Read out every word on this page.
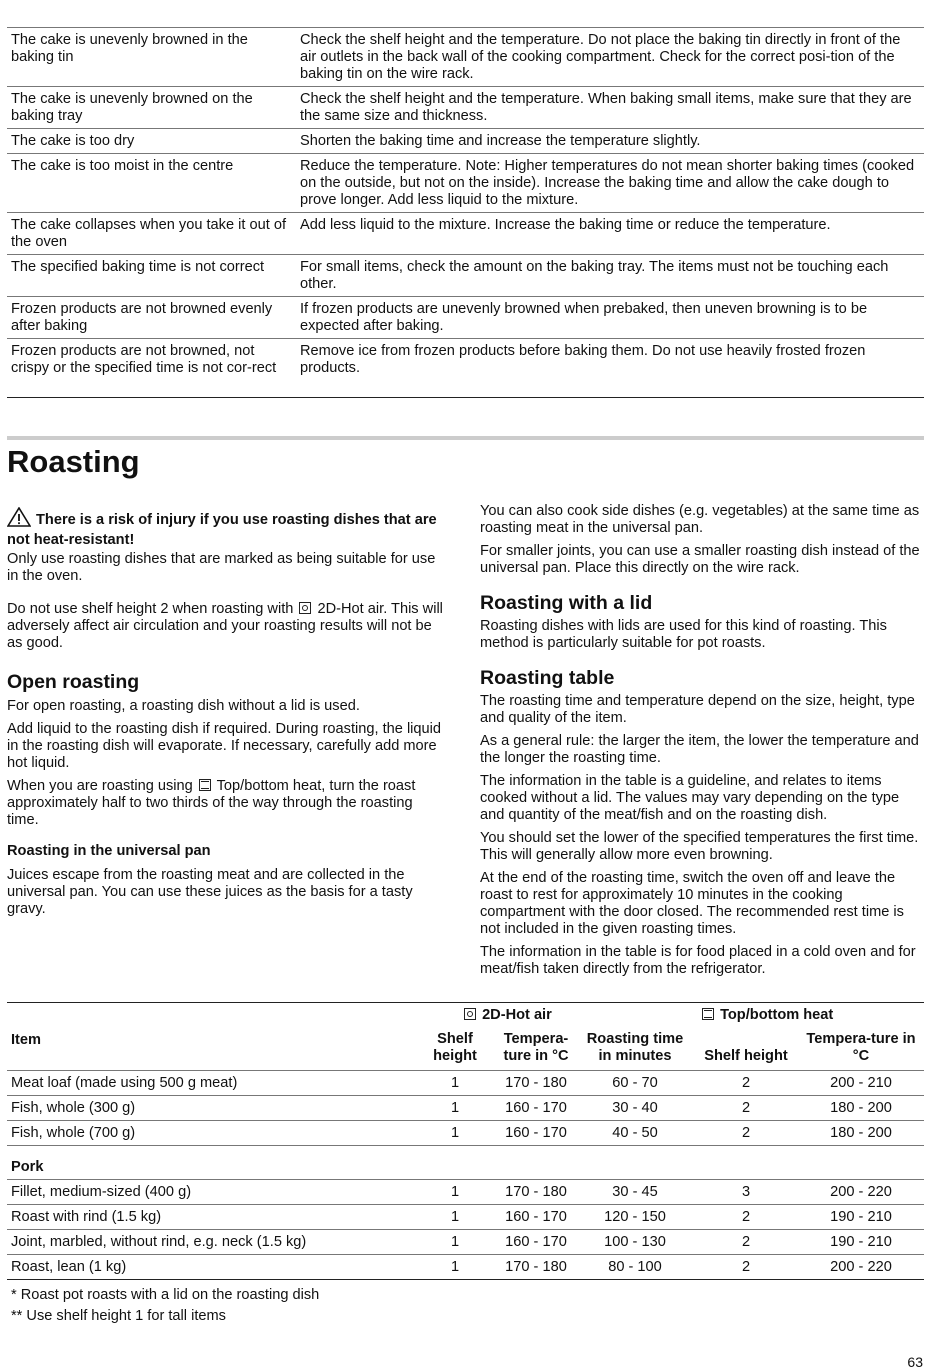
The cake is unevenly browned in the baking tin	Check the shelf height and the temperature. Do not place the baking tin directly in front of the air outlets in the back wall of the cooking compartment. Check for the correct posi-tion of the baking tin on the wire rack.
The cake is unevenly browned on the baking tray	Check the shelf height and the temperature. When baking small items, make sure that they are the same size and thickness.
The cake is too dry	Shorten the baking time and increase the temperature slightly.
The cake is too moist in the centre	Reduce the temperature. Note: Higher temperatures do not mean shorter baking times (cooked on the outside, but not on the inside). Increase the baking time and allow the cake dough to prove longer. Add less liquid to the mixture.
The cake collapses when you take it out of the oven	Add less liquid to the mixture. Increase the baking time or reduce the temperature.
The specified baking time is not correct	For small items, check the amount on the baking tray. The items must not be touching each other.
Frozen products are not browned evenly after baking	If frozen products are unevenly browned when prebaked, then uneven browning is to be expected after baking.
Frozen products are not browned, not crispy or the specified time is not cor-rect	Remove ice from frozen products before baking them. Do not use heavily frosted frozen products.
Roasting

There is a risk of injury if you use roasting dishes that are not heat-resistant!

Only use roasting dishes that are marked as being suitable for use in the oven.

Do not use shelf height 2 when roasting with 2D-Hot air. This will adversely affect air circulation and your roasting results will not be as good.

Open roasting

For open roasting, a roasting dish without a lid is used.

Add liquid to the roasting dish if required. During roasting, the liquid in the roasting dish will evaporate. If necessary, carefully add more hot liquid.

When you are roasting using Top/bottom heat, turn the roast approximately half to two thirds of the way through the roasting time.

Roasting in the universal pan

Juices escape from the roasting meat and are collected in the universal pan. You can use these juices as the basis for a tasty gravy.

You can also cook side dishes (e.g. vegetables) at the same time as roasting meat in the universal pan.

For smaller joints, you can use a smaller roasting dish instead of the universal pan. Place this directly on the wire rack.

Roasting with a lid

Roasting dishes with lids are used for this kind of roasting. This method is particularly suitable for pot roasts.

Roasting table

The roasting time and temperature depend on the size, height, type and quality of the item.

As a general rule: the larger the item, the lower the temperature and the longer the roasting time.

The information in the table is a guideline, and relates to items cooked without a lid. The values may vary depending on the type and quantity of the meat/fish and on the roasting dish.

You should set the lower of the specified temperatures the first time. This will generally allow more even browning.

At the end of the roasting time, switch the oven off and leave the roast to rest for approximately 10 minutes in the cooking compartment with the door closed. The recommended rest time is not included in the given roasting times.

The information in the table is for food placed in a cold oven and for meat/fish taken directly from the refrigerator.

	2D-Hot air			Top/bottom heat	
Item	Shelf height	Tempera-ture in °C	Roasting time in minutes	Shelf height	Tempera-ture in °C
Meat loaf (made using 500 g meat)	1	170 - 180	60 - 70	2	200 - 210
Fish, whole (300 g)	1	160 - 170	30 - 40	2	180 - 200
Fish, whole (700 g)	1	160 - 170	40 - 50	2	180 - 200
Pork					
Fillet, medium-sized (400 g)	1	170 - 180	30 - 45	3	200 - 220
Roast with rind (1.5 kg)	1	160 - 170	120 - 150	2	190 - 210
Joint, marbled, without rind, e.g. neck (1.5 kg)	1	160 - 170	100 - 130	2	190 - 210
Roast, lean (1 kg)	1	170 - 180	80 - 100	2	200 - 220
* Roast pot roasts with a lid on the roasting dish
** Use shelf height 1 for tall items
63
